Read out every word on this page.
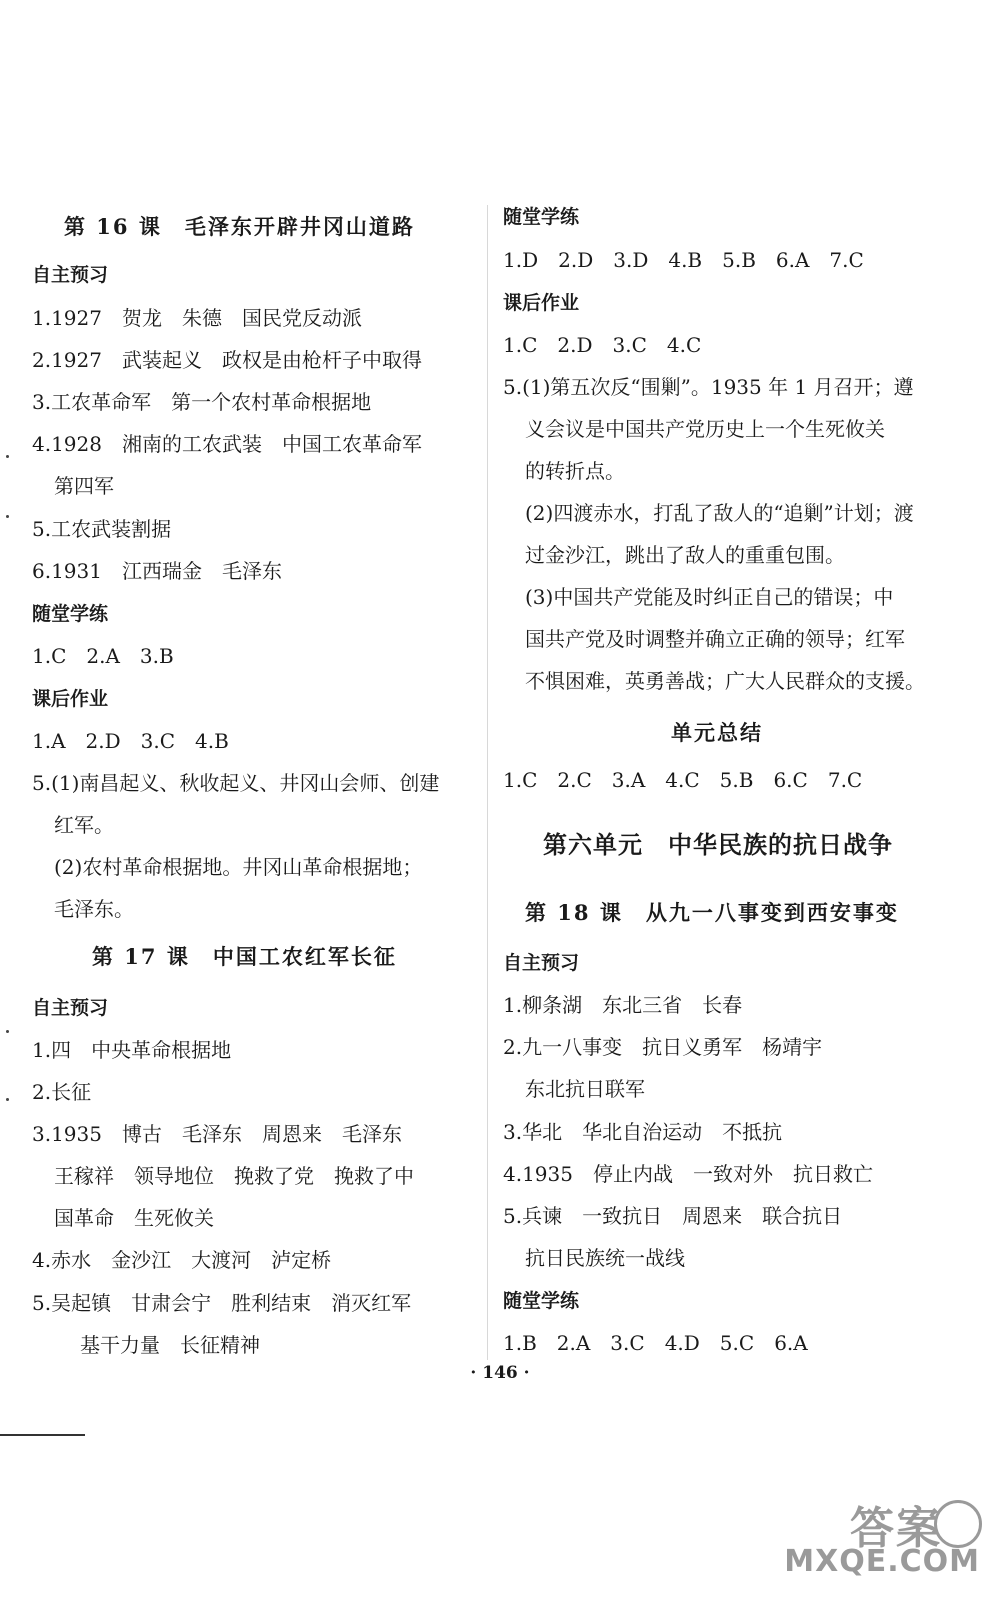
第 16 课　毛泽东开辟井冈山道路
自主预习
1.1927　贺龙　朱德　国民党反动派
2.1927　武装起义　政权是由枪杆子中取得
3.工农革命军　第一个农村革命根据地
4.1928　湘南的工农武装　中国工农革命军
第四军
5.工农武装割据
6.1931　江西瑞金　毛泽东
随堂学练
1.C　2.A　3.B
课后作业
1.A　2.D　3.C　4.B
5.(1)南昌起义、秋收起义、井冈山会师、创建
红军。
(2)农村革命根据地。井冈山革命根据地；
毛泽东。
第 17 课　中国工农红军长征
自主预习
1.四　中央革命根据地
2.长征
3.1935　博古　毛泽东　周恩来　毛泽东
王稼祥　领导地位　挽救了党　挽救了中
国革命　生死攸关
4.赤水　金沙江　大渡河　泸定桥
5.吴起镇　甘肃会宁　胜利结束　消灭红军
基干力量　长征精神
随堂学练
1.D　2.D　3.D　4.B　5.B　6.A　7.C
课后作业
1.C　2.D　3.C　4.C
5.(1)第五次反“围剿”。1935 年 1 月召开；遵
义会议是中国共产党历史上一个生死攸关
的转折点。
(2)四渡赤水，打乱了敌人的“追剿”计划；渡
过金沙江，跳出了敌人的重重包围。
(3)中国共产党能及时纠正自己的错误；中
国共产党及时调整并确立正确的领导；红军
不惧困难，英勇善战；广大人民群众的支援。
单元总结
1.C　2.C　3.A　4.C　5.B　6.C　7.C
第六单元　中华民族的抗日战争
第 18 课　从九一八事变到西安事变
自主预习
1.柳条湖　东北三省　长春
2.九一八事变　抗日义勇军　杨靖宇
东北抗日联军
3.华北　华北自治运动　不抵抗
4.1935　停止内战　一致对外　抗日救亡
5.兵谏　一致抗日　周恩来　联合抗日
抗日民族统一战线
随堂学练
1.B　2.A　3.C　4.D　5.C　6.A
· 146 ·
答案
MXQE.COM
